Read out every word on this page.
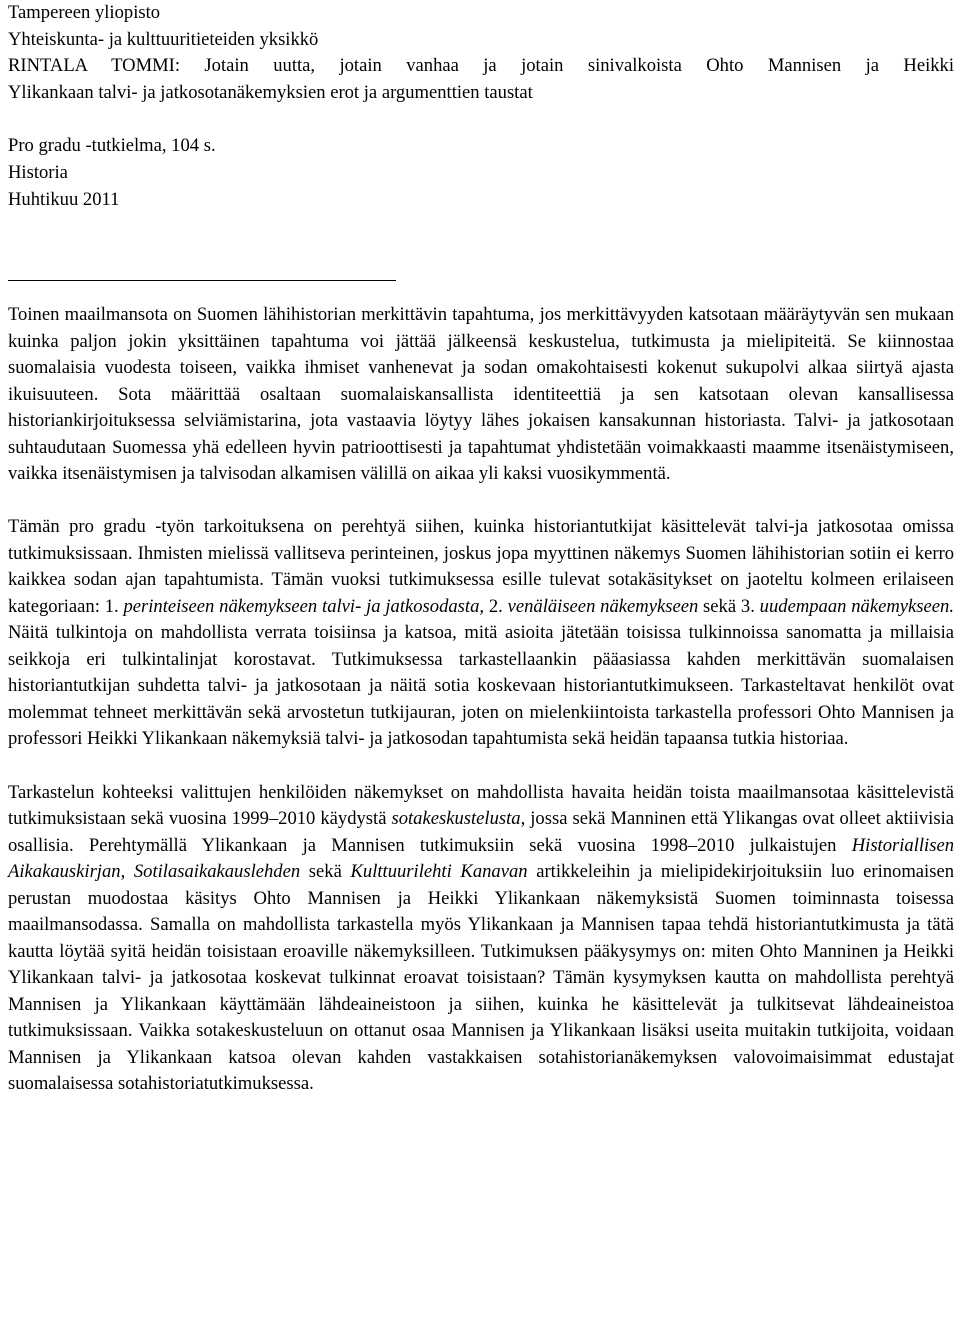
Tampereen yliopisto
Yhteiskunta- ja kulttuuritieteiden yksikkö
RINTALA TOMMI: Jotain uutta, jotain vanhaa ja jotain sinivalkoista Ohto Mannisen ja Heikki
Ylikankaan talvi- ja jatkosotanäkemyksien erot ja argumenttien taustat
Pro gradu -tutkielma, 104 s.
Historia
Huhtikuu 2011

Toinen maailmansota on Suomen lähihistorian merkittävin tapahtuma, jos merkittävyyden katsotaan määräytyvän sen mukaan kuinka paljon jokin yksittäinen tapahtuma voi jättää jälkeensä keskustelua, tutkimusta ja mielipiteitä. Se kiinnostaa suomalaisia vuodesta toiseen, vaikka ihmiset vanhenevat ja sodan omakohtaisesti kokenut sukupolvi alkaa siirtyä ajasta ikuisuuteen. Sota määrittää osaltaan suomalaiskansallista identiteettiä ja sen katsotaan olevan kansallisessa historiankirjoituksessa selviämistarina, jota vastaavia löytyy lähes jokaisen kansakunnan historiasta. Talvi- ja jatkosotaan suhtaudutaan Suomessa yhä edelleen hyvin patrioottisesti ja tapahtumat yhdistetään voimakkaasti maamme itsenäistymiseen, vaikka itsenäistymisen ja talvisodan alkamisen välillä on aikaa yli kaksi vuosikymmentä.

Tämän pro gradu -työn tarkoituksena on perehtyä siihen, kuinka historiantutkijat käsittelevät talvi-ja jatkosotaa omissa tutkimuksissaan. Ihmisten mielissä vallitseva perinteinen, joskus jopa myyttinen näkemys Suomen lähihistorian sotiin ei kerro kaikkea sodan ajan tapahtumista. Tämän vuoksi tutkimuksessa esille tulevat sotakäsitykset on jaoteltu kolmeen erilaiseen kategoriaan: 1. perinteiseen näkemykseen talvi- ja jatkosodasta, 2. venäläiseen näkemykseen sekä 3. uudempaan näkemykseen. Näitä tulkintoja on mahdollista verrata toisiinsa ja katsoa, mitä asioita jätetään toisissa tulkinnoissa sanomatta ja millaisia seikkoja eri tulkintalinjat korostavat. Tutkimuksessa tarkastellaankin pääasiassa kahden merkittävän suomalaisen historiantutkijan suhdetta talvi- ja jatkosotaan ja näitä sotia koskevaan historiantutkimukseen. Tarkasteltavat henkilöt ovat molemmat tehneet merkittävän sekä arvostetun tutkijauran, joten on mielenkiintoista tarkastella professori Ohto Mannisen ja professori Heikki Ylikankaan näkemyksiä talvi- ja jatkosodan tapahtumista sekä heidän tapaansa tutkia historiaa.

Tarkastelun kohteeksi valittujen henkilöiden näkemykset on mahdollista havaita heidän toista maailmansotaa käsittelevistä tutkimuksistaan sekä vuosina 1999–2010 käydystä sotakeskustelusta, jossa sekä Manninen että Ylikangas ovat olleet aktiivisia osallisia. Perehtymällä Ylikankaan ja Mannisen tutkimuksiin sekä vuosina 1998–2010 julkaistujen Historiallisen Aikakauskirjan, Sotilasaikakauslehden sekä Kulttuurilehti Kanavan artikkeleihin ja mielipidekirjoituksiin luo erinomaisen perustan muodostaa käsitys Ohto Mannisen ja Heikki Ylikankaan näkemyksistä Suomen toiminnasta toisessa maailmansodassa. Samalla on mahdollista tarkastella myös Ylikankaan ja Mannisen tapaa tehdä historiantutkimusta ja tätä kautta löytää syitä heidän toisistaan eroaville näkemyksilleen. Tutkimuksen pääkysymys on: miten Ohto Manninen ja Heikki Ylikankaan talvi- ja jatkosotaa koskevat tulkinnat eroavat toisistaan? Tämän kysymyksen kautta on mahdollista perehtyä Mannisen ja Ylikankaan käyttämään lähdeaineistoon ja siihen, kuinka he käsittelevät ja tulkitsevat lähdeaineistoa tutkimuksissaan. Vaikka sotakeskusteluun on ottanut osaa Mannisen ja Ylikankaan lisäksi useita muitakin tutkijoita, voidaan Mannisen ja Ylikankaan katsoa olevan kahden vastakkaisen sotahistorianäkemyksen valovoimaisimmat edustajat suomalaisessa sotahistoriatutkimuksessa.
